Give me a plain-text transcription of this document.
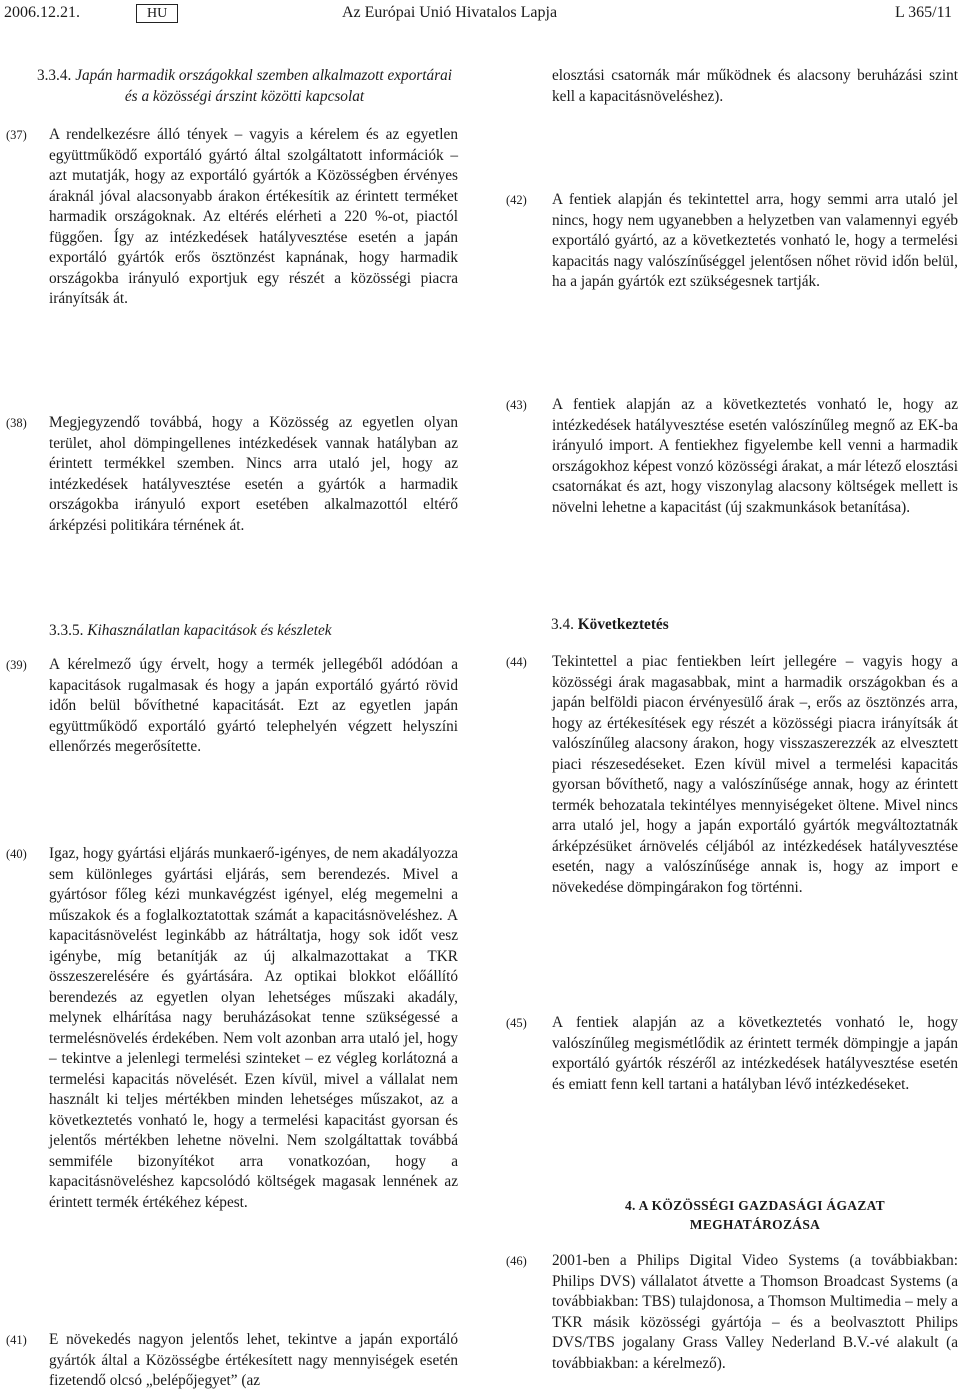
2006.12.21.	HU	Az Európai Unió Hivatalos Lapja	L 365/11
3.3.4. Japán harmadik országokkal szemben alkalmazott exportárai és a közösségi árszint közötti kapcsolat
(37) A rendelkezésre álló tények – vagyis a kérelem és az egyetlen együttműködő exportáló gyártó által szolgáltatott információk – azt mutatják, hogy az exportáló gyártók a Közösségben érvényes áraknál jóval alacsonyabb árakon értékesítik az érintett terméket harmadik országoknak. Az eltérés elérheti a 220 %-ot, piactól függően. Így az intézkedések hatályvesztése esetén a japán exportáló gyártók erős ösztönzést kapnának, hogy harmadik országokba irányuló exportjuk egy részét a közösségi piacra irányítsák át.
(38) Megjegyzendő továbbá, hogy a Közösség az egyetlen olyan terület, ahol dömpingellenes intézkedések vannak hatályban az érintett termékkel szemben. Nincs arra utaló jel, hogy az intézkedések hatályvesztése esetén a gyártók a harmadik országokba irányuló export esetében alkalmazottól eltérő árképzési politikára térnének át.
3.3.5. Kihasználatlan kapacitások és készletek
(39) A kérelmező úgy érvelt, hogy a termék jellegéből adódóan a kapacitások rugalmasak és hogy a japán exportáló gyártó rövid időn belül bővíthetné kapacitását. Ezt az egyetlen japán együttműködő exportáló gyártó telephelyén végzett helyszíni ellenőrzés megerősítette.
(40) Igaz, hogy gyártási eljárás munkaerő-igényes, de nem akadályozza sem különleges gyártási eljárás, sem berendezés. Mivel a gyártósor főleg kézi munkavégzést igényel, elég megemelni a műszakok és a foglalkoztatottak számát a kapacitásnöveléshez. A kapacitásnövelést leginkább az hátráltatja, hogy sok időt vesz igénybe, míg betanítják az új alkalmazottakat a TKR összeszerelésére és gyártására. Az optikai blokkot előállító berendezés az egyetlen olyan lehetséges műszaki akadály, melynek elhárítása nagy beruházásokat tenne szükségessé a termelésnövelés érdekében. Nem volt azonban arra utaló jel, hogy – tekintve a jelenlegi termelési szinteket – ez végleg korlátozná a termelési kapacitás növelését. Ezen kívül, mivel a vállalat nem használt ki teljes mértékben minden lehetséges műszakot, az a következtetés vonható le, hogy a termelési kapacitást gyorsan és jelentős mértékben lehetne növelni. Nem szolgáltattak továbbá semmiféle bizonyítékot arra vonatkozóan, hogy a kapacitásnöveléshez kapcsolódó költségek magasak lennének az érintett termék értékéhez képest.
(41) E növekedés nagyon jelentős lehet, tekintve a japán exportáló gyártók által a Közösségbe értékesített nagy mennyiségek esetén fizetendő olcsó „belépőjegyet” (az
elosztási csatornák már működnek és alacsony beruházási szint kell a kapacitásnöveléshez).
(42) A fentiek alapján és tekintettel arra, hogy semmi arra utaló jel nincs, hogy nem ugyanebben a helyzetben van valamennyi egyéb exportáló gyártó, az a következtetés vonható le, hogy a termelési kapacitás nagy valószínűséggel jelentősen nőhet rövid időn belül, ha a japán gyártók ezt szükségesnek tartják.
(43) A fentiek alapján az a következtetés vonható le, hogy az intézkedések hatályvesztése esetén valószínűleg megnő az EK-ba irányuló import. A fentiekhez figyelembe kell venni a harmadik országokhoz képest vonzó közösségi árakat, a már létező elosztási csatornákat és azt, hogy viszonylag alacsony költségek mellett is növelni lehetne a kapacitást (új szakmunkások betanítása).
3.4. Következtetés
(44) Tekintettel a piac fentiekben leírt jellegére – vagyis hogy a közösségi árak magasabbak, mint a harmadik országokban és a japán belföldi piacon érvényesülő árak –, erős az ösztönzés arra, hogy az értékesítések egy részét a közösségi piacra irányítsák át valószínűleg alacsony árakon, hogy visszaszerezzék az elvesztett piaci részesedéseket. Ezen kívül mivel a termelési kapacitás gyorsan bővíthető, nagy a valószínűsége annak, hogy az érintett termék behozatala tekintélyes mennyiségeket öltene. Mivel nincs arra utaló jel, hogy a japán exportáló gyártók megváltoztatnák árképzésüket árnövelés céljából az intézkedések hatályvesztése esetén, nagy a valószínűsége annak is, hogy az import e növekedése dömpingárakon fog történni.
(45) A fentiek alapján az a következtetés vonható le, hogy valószínűleg megismétlődik az érintett termék dömpingje a japán exportáló gyártók részéről az intézkedések hatályvesztése esetén és emiatt fenn kell tartani a hatályban lévő intézkedéseket.
4. A KÖZÖSSÉGI GAZDASÁGI ÁGAZAT
MEGHATÁROZÁSA
(46) 2001-ben a Philips Digital Video Systems (a továbbiakban: Philips DVS) vállalatot átvette a Thomson Broadcast Systems (a továbbiakban: TBS) tulajdonosa, a Thomson Multimedia – mely a TKR másik közösségi gyártója – és a beolvasztott Philips DVS/TBS jogalany Grass Valley Nederland B.V.-vé alakult (a továbbiakban: a kérelmező).
